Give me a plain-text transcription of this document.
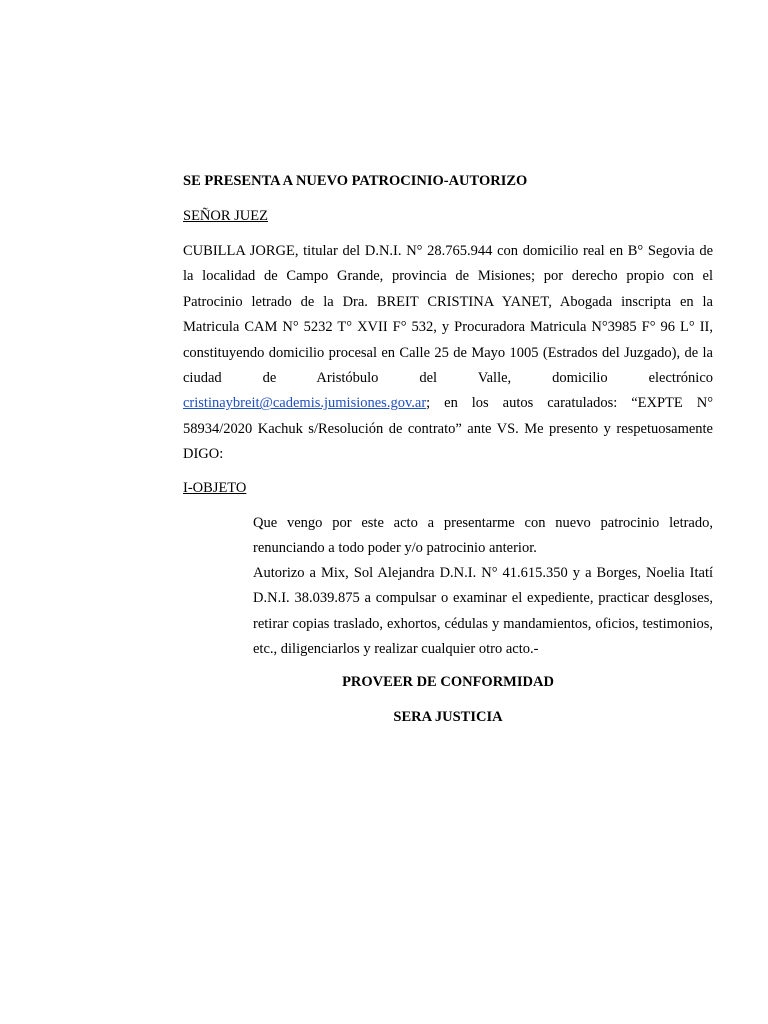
SE PRESENTA A NUEVO PATROCINIO-AUTORIZO
SEÑOR JUEZ
CUBILLA JORGE, titular del D.N.I. N° 28.765.944 con domicilio real en B° Segovia de la localidad de Campo Grande, provincia de Misiones; por derecho propio con el Patrocinio letrado de la Dra. BREIT CRISTINA YANET, Abogada inscripta en la Matricula CAM N° 5232 T° XVII F° 532, y Procuradora Matricula N°3985 F° 96 L° II, constituyendo domicilio procesal en Calle 25 de Mayo 1005 (Estrados del Juzgado), de la ciudad de Aristóbulo del Valle, domicilio electrónico cristinaybreit@cademis.jumisiones.gov.ar; en los autos caratulados: “EXPTE N° 58934/2020 Kachuk s/Resolución de contrato” ante VS. Me presento y respetuosamente DIGO:
I-OBJETO
Que vengo por este acto a presentarme con nuevo patrocinio letrado, renunciando a todo poder y/o patrocinio anterior.
Autorizo a Mix, Sol Alejandra D.N.I. N° 41.615.350 y a Borges, Noelia Itatí D.N.I. 38.039.875 a compulsar o examinar el expediente, practicar desgloses, retirar copias traslado, exhortos, cédulas y mandamientos, oficios, testimonios, etc., diligenciarlos y realizar cualquier otro acto.-
PROVEER DE CONFORMIDAD
SERA JUSTICIA
